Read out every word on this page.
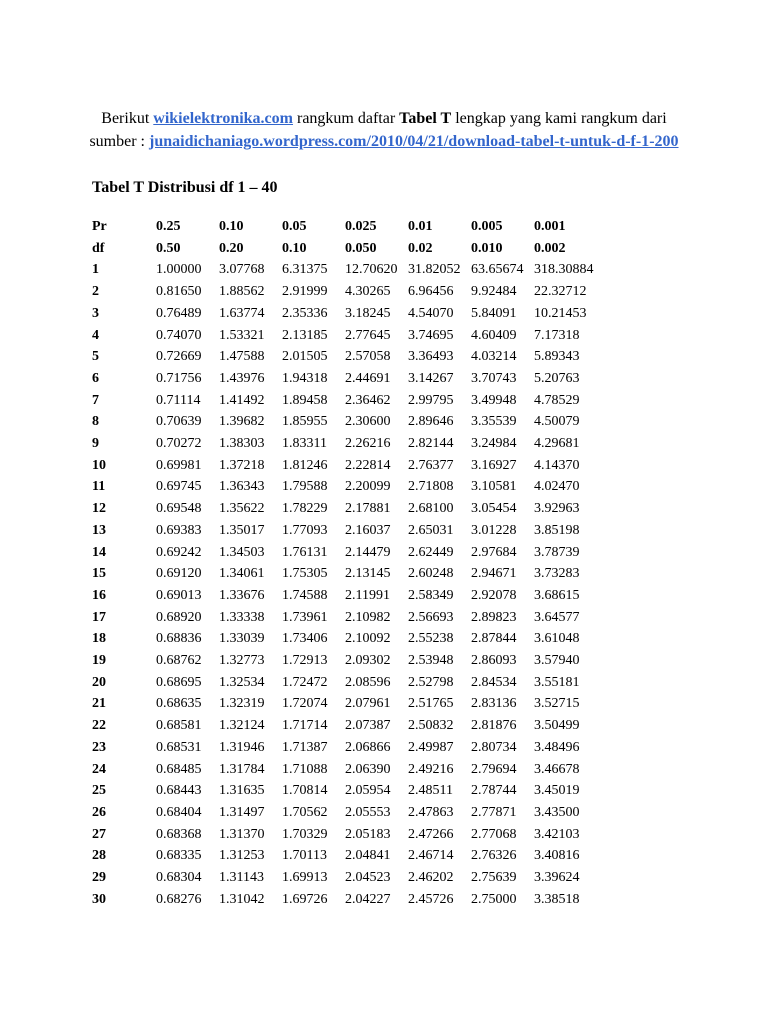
Berikut wikielektronika.com rangkum daftar Tabel T lengkap yang kami rangkum dari sumber : junaidichaniago.wordpress.com/2010/04/21/download-tabel-t-untuk-d-f-1-200

Tabel T Distribusi df 1 – 40
Pr	0.25	0.10	0.05	0.025	0.01	0.005	0.001
df	0.50	0.20	0.10	0.050	0.02	0.010	0.002
1	1.00000	3.07768	6.31375	12.70620	31.82052	63.65674	318.30884
2	0.81650	1.88562	2.91999	4.30265	6.96456	9.92484	22.32712
3	0.76489	1.63774	2.35336	3.18245	4.54070	5.84091	10.21453
4	0.74070	1.53321	2.13185	2.77645	3.74695	4.60409	7.17318
5	0.72669	1.47588	2.01505	2.57058	3.36493	4.03214	5.89343
6	0.71756	1.43976	1.94318	2.44691	3.14267	3.70743	5.20763
7	0.71114	1.41492	1.89458	2.36462	2.99795	3.49948	4.78529
8	0.70639	1.39682	1.85955	2.30600	2.89646	3.35539	4.50079
9	0.70272	1.38303	1.83311	2.26216	2.82144	3.24984	4.29681
10	0.69981	1.37218	1.81246	2.22814	2.76377	3.16927	4.14370
11	0.69745	1.36343	1.79588	2.20099	2.71808	3.10581	4.02470
12	0.69548	1.35622	1.78229	2.17881	2.68100	3.05454	3.92963
13	0.69383	1.35017	1.77093	2.16037	2.65031	3.01228	3.85198
14	0.69242	1.34503	1.76131	2.14479	2.62449	2.97684	3.78739
15	0.69120	1.34061	1.75305	2.13145	2.60248	2.94671	3.73283
16	0.69013	1.33676	1.74588	2.11991	2.58349	2.92078	3.68615
17	0.68920	1.33338	1.73961	2.10982	2.56693	2.89823	3.64577
18	0.68836	1.33039	1.73406	2.10092	2.55238	2.87844	3.61048
19	0.68762	1.32773	1.72913	2.09302	2.53948	2.86093	3.57940
20	0.68695	1.32534	1.72472	2.08596	2.52798	2.84534	3.55181
21	0.68635	1.32319	1.72074	2.07961	2.51765	2.83136	3.52715
22	0.68581	1.32124	1.71714	2.07387	2.50832	2.81876	3.50499
23	0.68531	1.31946	1.71387	2.06866	2.49987	2.80734	3.48496
24	0.68485	1.31784	1.71088	2.06390	2.49216	2.79694	3.46678
25	0.68443	1.31635	1.70814	2.05954	2.48511	2.78744	3.45019
26	0.68404	1.31497	1.70562	2.05553	2.47863	2.77871	3.43500
27	0.68368	1.31370	1.70329	2.05183	2.47266	2.77068	3.42103
28	0.68335	1.31253	1.70113	2.04841	2.46714	2.76326	3.40816
29	0.68304	1.31143	1.69913	2.04523	2.46202	2.75639	3.39624
30	0.68276	1.31042	1.69726	2.04227	2.45726	2.75000	3.38518
